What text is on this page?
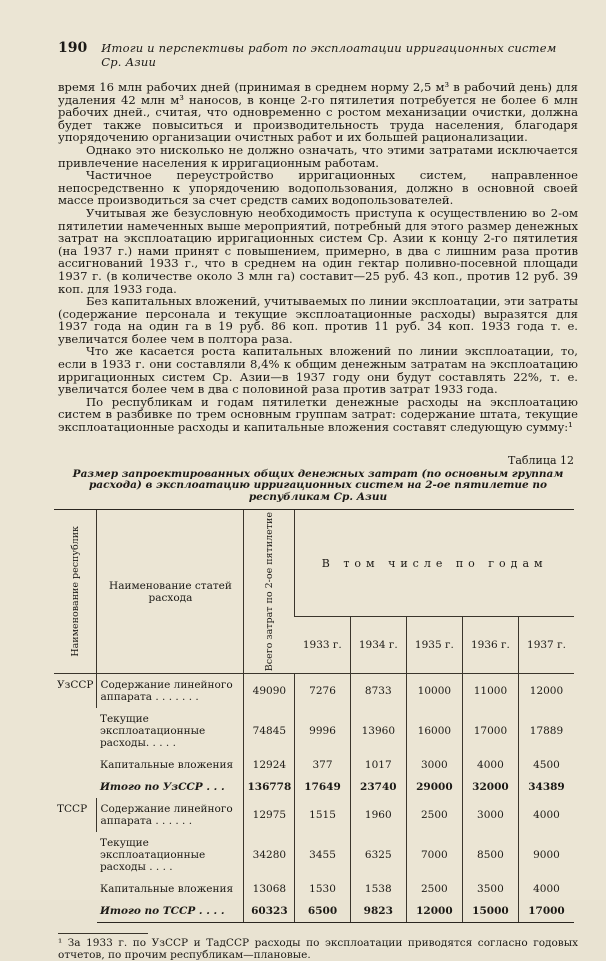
190 Итоги и перспективы работ по эксплоатации ирригационных систем Ср. Азии

время 16 млн рабочих дней (принимая в среднем норму 2,5 м³ в рабочий день) для удаления 42 млн м³ наносов, в конце 2-го пятилетия потребуется не более 6 млн рабочих дней., считая, что одновременно с ростом механизации очистки, должна будет также повыситься и производительность труда населения, благодаря упорядочению организации очистных работ и их большей рационализации.

Однако это нисколько не должно означать, что этими затратами исключается привлечение населения к ирригационным работам.

Частичное переустройство ирригационных систем, направленное непосредственно к упорядочению водопользования, должно в основной своей массе производиться за счет средств самих водопользователей.

Учитывая же безусловную необходимость приступа к осуществлению во 2-ом пятилетии намеченных выше мероприятий, потребный для этого размер денежных затрат на эксплоатацию ирригационных систем Ср. Азии к концу 2-го пятилетия (на 1937 г.) нами принят с повышением, примерно, в два с лишним раза против ассигнований 1933 г., что в среднем на один гектар поливно-посевной площади 1937 г. (в количестве около 3 млн га) составит—25 руб. 43 коп., против 12 руб. 39 коп. для 1933 года.

Без капитальных вложений, учитываемых по линии эксплоатации, эти затраты (содержание персонала и текущие эксплоатационные расходы) выразятся для 1937 года на один га в 19 руб. 86 коп. против 11 руб. 34 коп. 1933 года т. е. увеличатся более чем в полтора раза.

Что же касается роста капитальных вложений по линии эксплоатации, то, если в 1933 г. они составляли 8,4% к общим денежным затратам на эксплоатацию ирригационных систем Ср. Азии—в 1937 году они будут составлять 22%, т. е. увеличатся более чем в два с половиной раза против затрат 1933 года.

По республикам и годам пятилетки денежные расходы на эксплоатацию систем в разбивке по трем основным группам затрат: содержание штата, текущие эксплоатационные расходы и капитальные вложения составят следующую сумму:¹

Таблица 12
Размер запроектированных общих денежных затрат (по основным группам расхода) в эксплоатацию ирригационных систем на 2-ое пятилетие по республикам Ср. Азии
Наименование республик	Наименование статей расхода	Всего затрат по 2-ое пятилетие	В том числе по годам				
			1933 г.	1934 г.	1935 г.	1936 г.	1937 г.
УзССР	Содержание линейного аппарата . . . . . . .	49090	7276	8733	10000	11000	12000
	Текущие эксплоатационные расходы. . . . .	74845	9996	13960	16000	17000	17889
	Капитальные вложения	12924	377	1017	3000	4000	4500
	Итого по УзССР . . .	136778	17649	23740	29000	32000	34389
ТССР	Содержание линейного аппарата . . . . . .	12975	1515	1960	2500	3000	4000
	Текущие эксплоатационные расходы . . . .	34280	3455	6325	7000	8500	9000
	Капитальные вложения	13068	1530	1538	2500	3500	4000
	Итого по ТССР . . . .	60323	6500	9823	12000	15000	17000
¹ За 1933 г. по УзССР и ТадССР расходы по эксплоатации приводятся согласно годовых отчетов, по прочим республикам—плановые.
